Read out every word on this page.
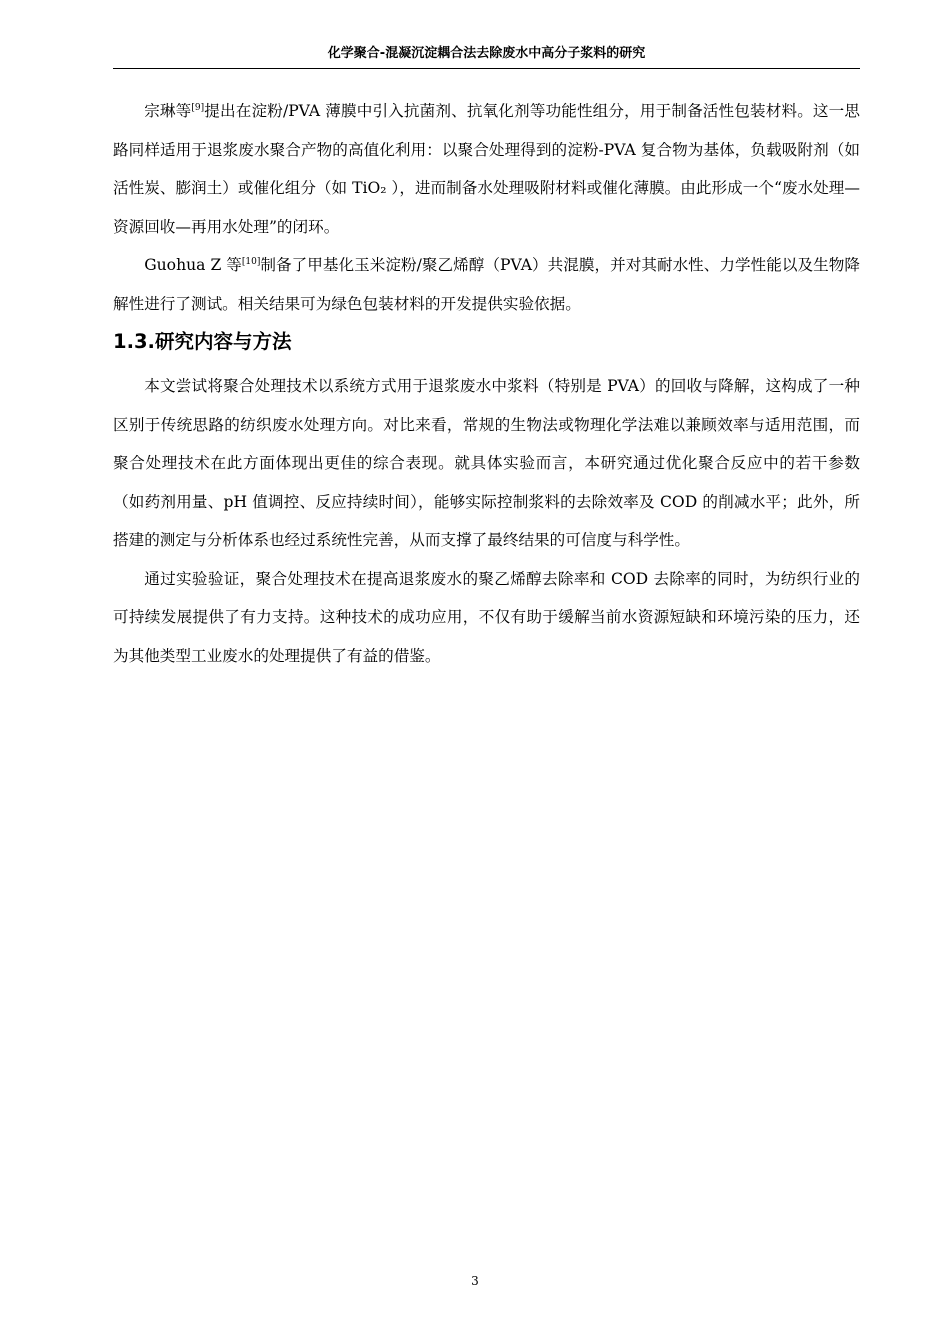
化学聚合-混凝沉淀耦合法去除废水中高分子浆料的研究

宗琳等[9]提出在淀粉/PVA 薄膜中引入抗菌剂、抗氧化剂等功能性组分，用于制备活性包装材料。这一思路同样适用于退浆废水聚合产物的高值化利用：以聚合处理得到的淀粉-PVA 复合物为基体，负载吸附剂（如活性炭、膨润土）或催化组分（如 TiO₂ ），进而制备水处理吸附材料或催化薄膜。由此形成一个“废水处理—资源回收—再用水处理”的闭环。

Guohua Z 等[10]制备了甲基化玉米淀粉/聚乙烯醇（PVA）共混膜，并对其耐水性、力学性能以及生物降解性进行了测试。相关结果可为绿色包装材料的开发提供实验依据。

1.3.研究内容与方法

本文尝试将聚合处理技术以系统方式用于退浆废水中浆料（特别是 PVA）的回收与降解，这构成了一种区别于传统思路的纺织废水处理方向。对比来看，常规的生物法或物理化学法难以兼顾效率与适用范围，而聚合处理技术在此方面体现出更佳的综合表现。就具体实验而言，本研究通过优化聚合反应中的若干参数（如药剂用量、pH 值调控、反应持续时间），能够实际控制浆料的去除效率及 COD 的削减水平；此外，所搭建的测定与分析体系也经过系统性完善，从而支撑了最终结果的可信度与科学性。

通过实验验证，聚合处理技术在提高退浆废水的聚乙烯醇去除率和 COD 去除率的同时，为纺织行业的可持续发展提供了有力支持。这种技术的成功应用，不仅有助于缓解当前水资源短缺和环境污染的压力，还为其他类型工业废水的处理提供了有益的借鉴。

3
